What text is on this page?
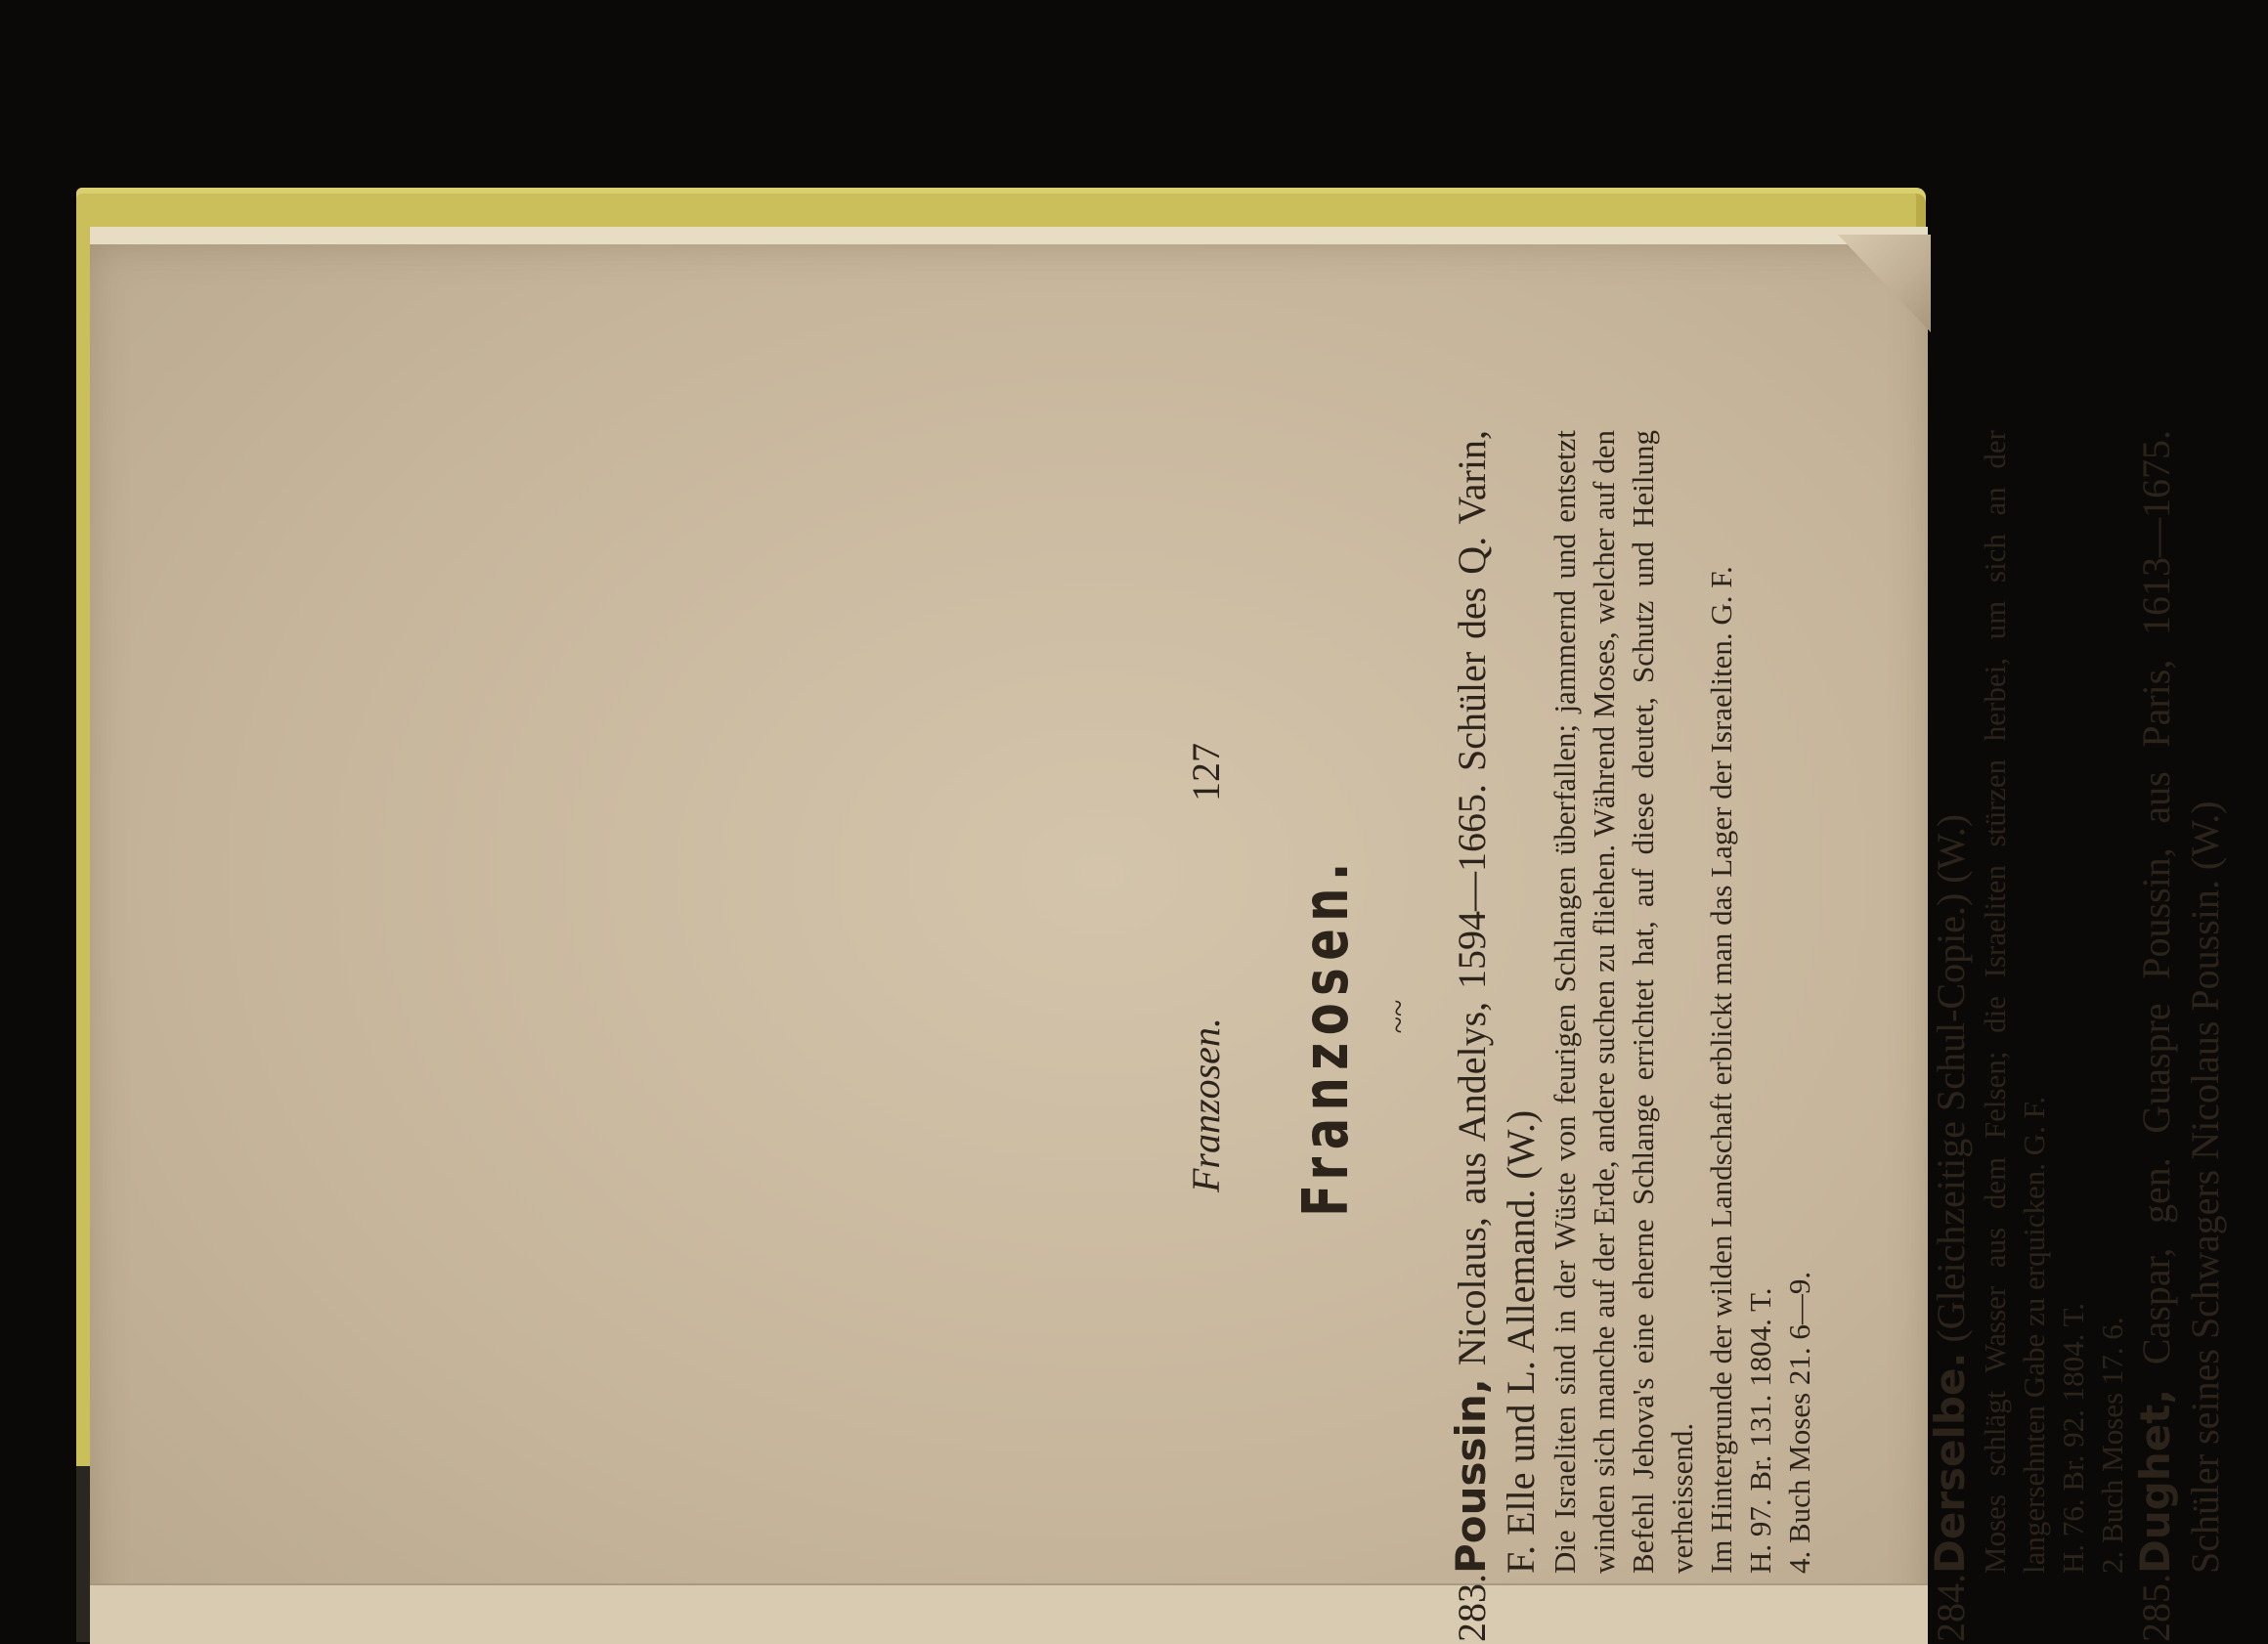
Franzosen.
127
Franzosen. ~~
283.Poussin, Nicolaus, aus Andelys, 1594—1665. Schüler des Q. Varin, F. Elle und L. Allemand. (W.) Die Israeliten sind in der Wüste von feurigen Schlangen überfallen; jammernd und entsetzt winden sich manche auf der Erde, andere suchen zu fliehen. Während Moses, welcher auf den Befehl Jehova's eine eherne Schlange errichtet hat, auf diese deutet, Schutz und Heilung verheissend. Im Hintergrunde der wilden Landschaft erblickt man das Lager der Israeliten. G. F. H. 97. Br. 131. 1804. T. 4. Buch Moses 21. 6—9.
284.Derselbe. (Gleichzeitige Schul-Copie.) (W.) Moses schlägt Wasser aus dem Felsen; die Israeliten stürzen herbei, um sich an der langersehnten Gabe zu erquicken. G. F. H. 76. Br. 92. 1804. T. 2. Buch Moses 17. 6.
285.Dughet, Caspar, gen. Guaspre Poussin, aus Paris, 1613—1675. Schüler seines Schwagers Nicolaus Poussin. (W.)
